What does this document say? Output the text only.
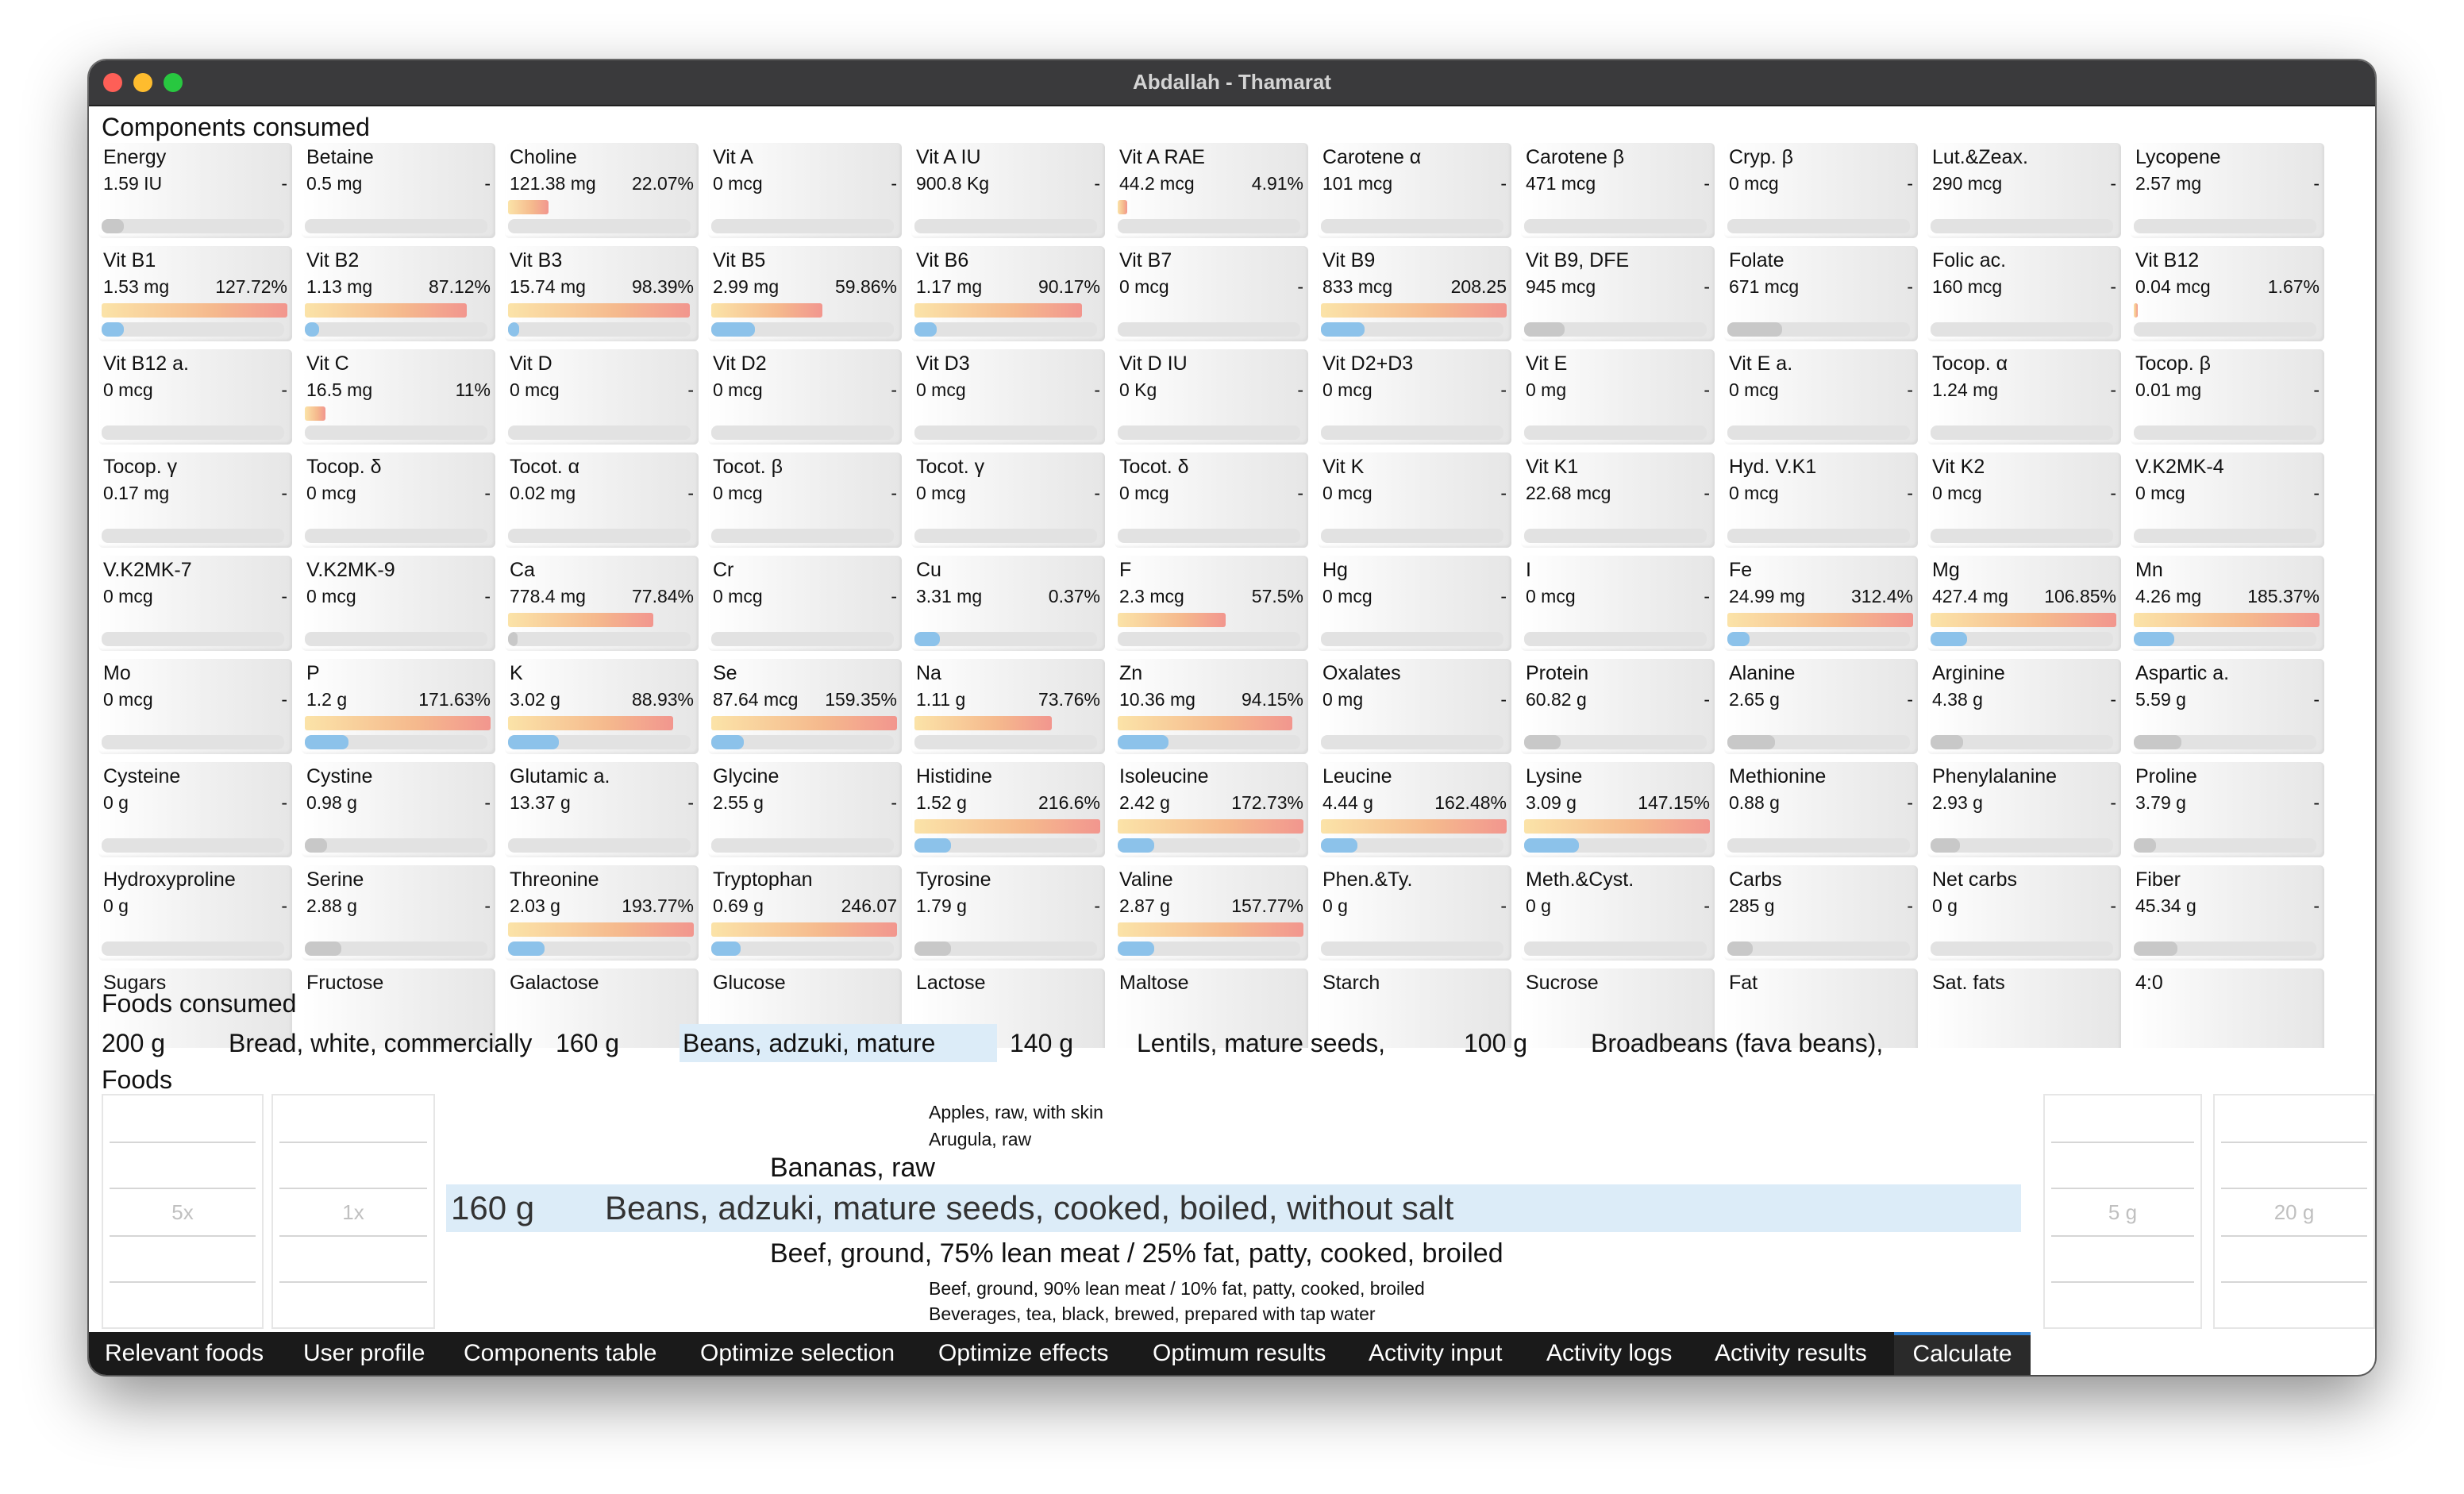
Abdallah - Thamarat
Components consumed
Energy
1.59 IU	-
Betaine
0.5 mg	-
Choline
121.38 mg 22.07%
Vit A
0 mcg	-
Vit A IU
900.8 Kg	-
Vit A RAE
44.2 mcg	4.91%
Carotene α
101 mcg	-
Carotene β
471 mcg	-
Cryp. β
0 mcg	-
Lut.&Zeax.
290 mcg	-
Lycopene
2.57 mg	-
Vit B1
1.53 mg	127.72%
Vit B2
1.13 mg	87.12%
Vit B3
15.74 mg	98.39%
Vit B5
2.99 mg	59.86%
Vit B6
1.17 mg	90.17%
Vit B7
0 mcg	-
Vit B9
833 mcg	208.25
Vit B9, DFE
945 mcg	-
Folate
671 mcg	-
Folic ac.
160 mcg	-
Vit B12
0.04 mcg	1.67%
Vit B12 a.
0 mcg	-
Vit C
16.5 mg	11%
Vit D
0 mcg	-
Vit D2
0 mcg	-
Vit D3
0 mcg	-
Vit D IU
0 Kg	-
Vit D2+D3
0 mcg	-
Vit E
0 mg	-
Vit E a.
0 mcg	-
Tocop. α
1.24 mg	-
Tocop. β
0.01 mg	-
Tocop. γ
0.17 mg	-
Tocop. δ
0 mcg	-
Tocot. α
0.02 mg	-
Tocot. β
0 mcg	-
Tocot. γ
0 mcg	-
Tocot. δ
0 mcg	-
Vit K
0 mcg	-
Vit K1
22.68 mcg	-
Hyd. V.K1
0 mcg	-
Vit K2
0 mcg	-
V.K2MK-4
0 mcg	-
V.K2MK-7
0 mcg	-
V.K2MK-9
0 mcg	-
Ca
778.4 mg	77.84%
Cr
0 mcg	-
Cu
3.31 mg	0.37%
F
2.3 mcg	57.5%
Hg
0 mcg	-
I
0 mcg	-
Fe
24.99 mg	312.4%
Mg
427.4 mg 106.85%
Mn
4.26 mg	185.37%
Mo
0 mcg	-
P
1.2 g	171.63%
K
3.02 g	88.93%
Se
87.64 mcg 159.35%
Na
1.11 g	73.76%
Zn
10.36 mg	94.15%
Oxalates
0 mg	-
Protein
60.82 g	-
Alanine
2.65 g	-
Arginine
4.38 g	-
Aspartic a.
5.59 g	-
Cysteine
0 g	-
Cystine
0.98 g	-
Glutamic a.
13.37 g	-
Glycine
2.55 g	-
Histidine
1.52 g	216.6%
Isoleucine
2.42 g	172.73%
Leucine
4.44 g	162.48%
Lysine
3.09 g	147.15%
Methionine
0.88 g	-
Phenylalanine
2.93 g	-
Proline
3.79 g	-
Hydroxyproline
0 g	-
Serine
2.88 g	-
Threonine
2.03 g	193.77%
Tryptophan
0.69 g	246.07
Tyrosine
1.79 g	-
Valine
2.87 g	157.77%
Phen.&Ty.
0 g	-
Meth.&Cyst.
0 g	-
Carbs
285 g	-
Net carbs
0 g	-
Fiber
45.34 g	-
Sugars	Fructose	Galactose	Glucose	Lactose	Maltose	Starch	Sucrose	Fat	Sat. fats	4:0
Foods consumed
200 g Bread, white, commercially 160 g Beans, adzuki, mature	140 g Lentils, mature seeds,	100 g Broadbeans (fava beans),
Foods
5x	1x
Apples, raw, with skin
Arugula, raw
Bananas, raw
160 g Beans, adzuki, mature seeds, cooked, boiled, without salt
Beef, ground, 75% lean meat / 25% fat, patty, cooked, broiled
Beef, ground, 90% lean meat / 10% fat, patty, cooked, broiled
Beverages, tea, black, brewed, prepared with tap water
5 g	20 g
Relevant foods User profile Components table Optimize selection Optimize effects Optimum results Activity input Activity logs Activity results	Calculate
